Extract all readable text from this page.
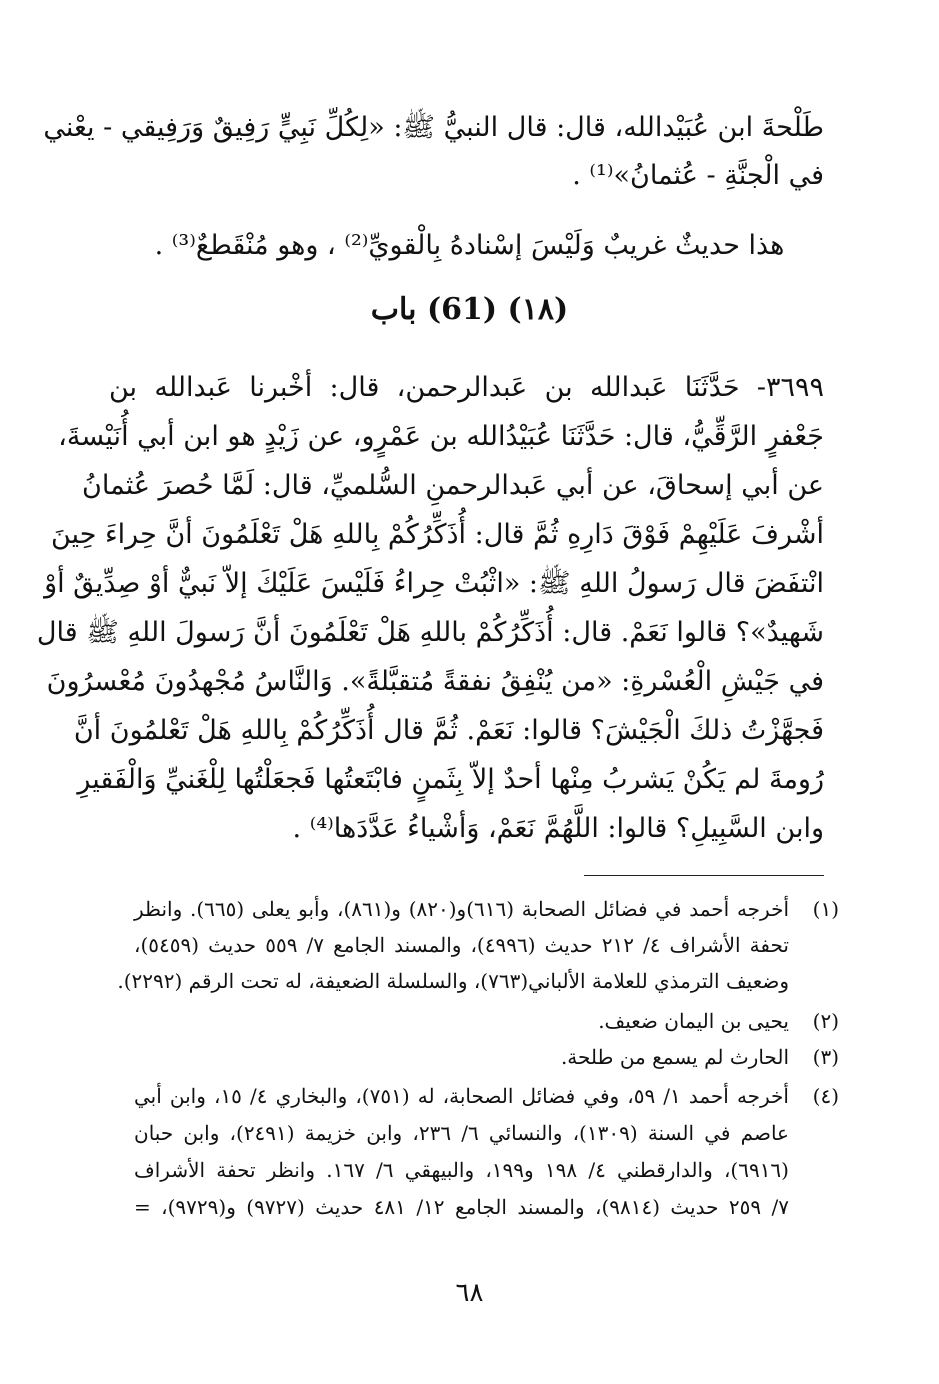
طَلْحةَ ابن عُبَيْدالله، قال: قال النبيُّ ﷺ: «لِكُلِّ نَبِيٍّ رَفِيقٌ وَرَفِيقي - يعْني
في الْجنَّةِ - عُثمانُ»⁽¹⁾ .
هذا حديثٌ غريبٌ وَلَيْسَ إسْنادهُ بِالْقويِّ⁽²⁾ ، وهو مُنْقَطعٌ⁽³⁾ .
(١٨) (61) باب
٣٦٩٩- حَدَّثَنَا عَبدالله بن عَبدالرحمن، قال: أخْبرنا عَبدالله بن
جَعْفرٍ الرَّقِّيُّ، قال: حَدَّثَنَا عُبَيْدُالله بن عَمْرٍو، عن زَيْدٍ هو ابن أبي أُنَيْسةَ،
عن أبي إسحاقَ، عن أبي عَبدالرحمنِ السُّلميِّ، قال: لَمَّا حُصرَ عُثمانُ
أشْرفَ عَلَيْهِمْ فَوْقَ دَارِهِ ثُمَّ قال: أُذَكِّرُكُمْ بِاللهِ هَلْ تَعْلَمُونَ أنَّ حِراءَ حِينَ
انْتفَضَ قال رَسولُ اللهِ ﷺ: «اثْبُتْ حِراءُ فَلَيْسَ عَلَيْكَ إلاّ نَبيٌّ أوْ صِدِّيقٌ أوْ
شَهيدٌ»؟ قالوا نَعَمْ. قال: أُذَكِّرُكُمْ باللهِ هَلْ تَعْلَمُونَ أنَّ رَسولَ اللهِ ﷺ قال
في جَيْشِ الْعُسْرةِ: «من يُنْفِقُ نفقةً مُتقبَّلةً». وَالنَّاسُ مُجْهدُونَ مُعْسرُونَ
فَجهَّزْتُ ذلكَ الْجَيْشَ؟ قالوا: نَعَمْ. ثُمَّ قال أُذَكِّرُكُمْ بِاللهِ هَلْ تَعْلمُونَ أنَّ
رُومةَ لم يَكُنْ يَشربُ مِنْها أحدٌ إلاّ بِثَمنٍ فابْتَعتُها فَجعَلْتُها لِلْغَنيِّ وَالْفَقيرِ
وابن السَّبِيلِ؟ قالوا: اللَّهُمَّ نَعَمْ، وَأشْياءُ عَدَّدَها⁽⁴⁾ .
(١)
أخرجه أحمد في فضائل الصحابة (٦١٦)و(٨٢٠) و(٨٦١)، وأبو يعلى (٦٦٥). وانظر
تحفة الأشراف ٤/ ٢١٢ حديث (٤٩٩٦)، والمسند الجامع ٧/ ٥٥٩ حديث (٥٤٥٩)،
وضعيف الترمذي للعلامة الألباني(٧٦٣)، والسلسلة الضعيفة، له تحت الرقم (٢٢٩٢).
(٢)
يحيى بن اليمان ضعيف.
(٣)
الحارث لم يسمع من طلحة.
(٤)
أخرجه أحمد ١/ ٥٩، وفي فضائل الصحابة، له (٧٥١)، والبخاري ٤/ ١٥، وابن أبي
عاصم في السنة (١٣٠٩)، والنسائي ٦/ ٢٣٦، وابن خزيمة (٢٤٩١)، وابن حبان
(٦٩١٦)، والدارقطني ٤/ ١٩٨ و١٩٩، والبيهقي ٦/ ١٦٧. وانظر تحفة الأشراف
٧/ ٢٥٩ حديث (٩٨١٤)، والمسند الجامع ١٢/ ٤٨١ حديث (٩٧٢٧) و(٩٧٢٩)، =
٦٨
